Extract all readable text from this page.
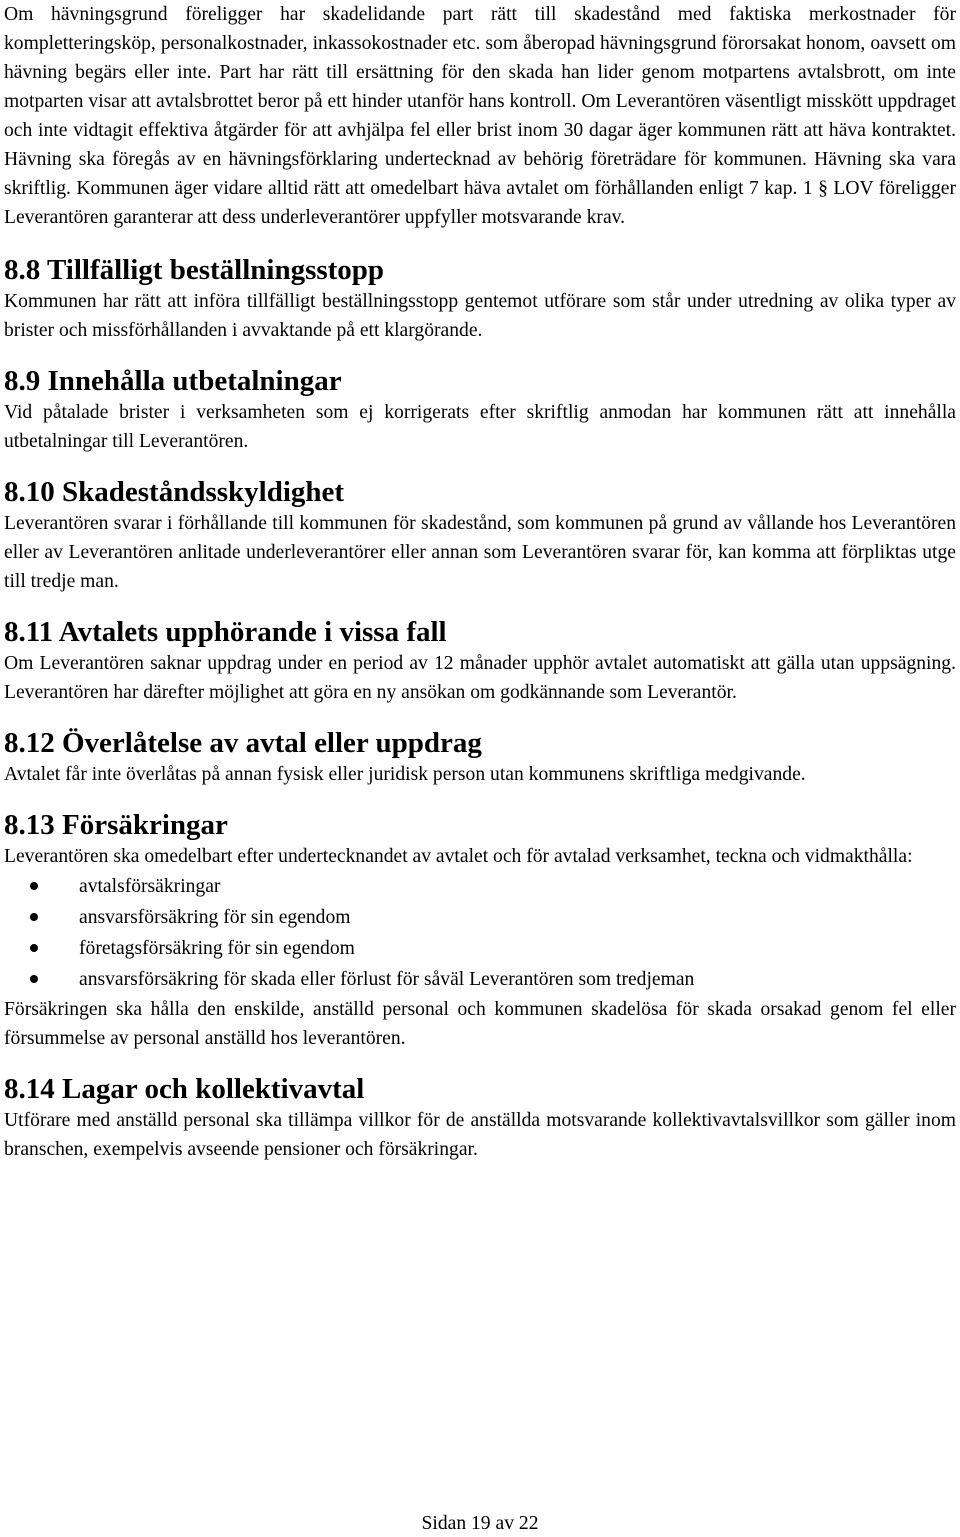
Om hävningsgrund föreligger har skadelidande part rätt till skadestånd med faktiska merkostnader för kompletteringsköp, personalkostnader, inkassokostnader etc. som åberopad hävningsgrund förorsakat honom, oavsett om hävning begärs eller inte. Part har rätt till ersättning för den skada han lider genom motpartens avtalsbrott, om inte motparten visar att avtalsbrottet beror på ett hinder utanför hans kontroll. Om Leverantören väsentligt misskött uppdraget och inte vidtagit effektiva åtgärder för att avhjälpa fel eller brist inom 30 dagar äger kommunen rätt att häva kontraktet. Hävning ska föregås av en hävningsförklaring undertecknad av behörig företrädare för kommunen. Hävning ska vara skriftlig. Kommunen äger vidare alltid rätt att omedelbart häva avtalet om förhållanden enligt 7 kap. 1 § LOV föreligger Leverantören garanterar att dess underleverantörer uppfyller motsvarande krav.

8.8 Tillfälligt beställningsstopp

Kommunen har rätt att införa tillfälligt beställningsstopp gentemot utförare som står under utredning av olika typer av brister och missförhållanden i avvaktande på ett klargörande.

8.9 Innehålla utbetalningar

Vid påtalade brister i verksamheten som ej korrigerats efter skriftlig anmodan har kommunen rätt att innehålla utbetalningar till Leverantören.

8.10 Skadeståndsskyldighet

Leverantören svarar i förhållande till kommunen för skadestånd, som kommunen på grund av vållande hos Leverantören eller av Leverantören anlitade underleverantörer eller annan som Leverantören svarar för, kan komma att förpliktas utge till tredje man.

8.11 Avtalets upphörande i vissa fall

Om Leverantören saknar uppdrag under en period av 12 månader upphör avtalet automatiskt att gälla utan uppsägning. Leverantören har därefter möjlighet att göra en ny ansökan om godkännande som Leverantör.

8.12 Överlåtelse av avtal eller uppdrag

Avtalet får inte överlåtas på annan fysisk eller juridisk person utan kommunens skriftliga medgivande.

8.13 Försäkringar

Leverantören ska omedelbart efter undertecknandet av avtalet och för avtalad verksamhet, teckna och vidmakthålla:

avtalsförsäkringar
ansvarsförsäkring för sin egendom
företagsförsäkring för sin egendom
ansvarsförsäkring för skada eller förlust för såväl Leverantören som tredjeman

Försäkringen ska hålla den enskilde, anställd personal och kommunen skadelösa för skada orsakad genom fel eller försummelse av personal anställd hos leverantören.

8.14 Lagar och kollektivavtal

Utförare med anställd personal ska tillämpa villkor för de anställda motsvarande kollektivavtalsvillkor som gäller inom branschen, exempelvis avseende pensioner och försäkringar.

Sidan 19 av 22
